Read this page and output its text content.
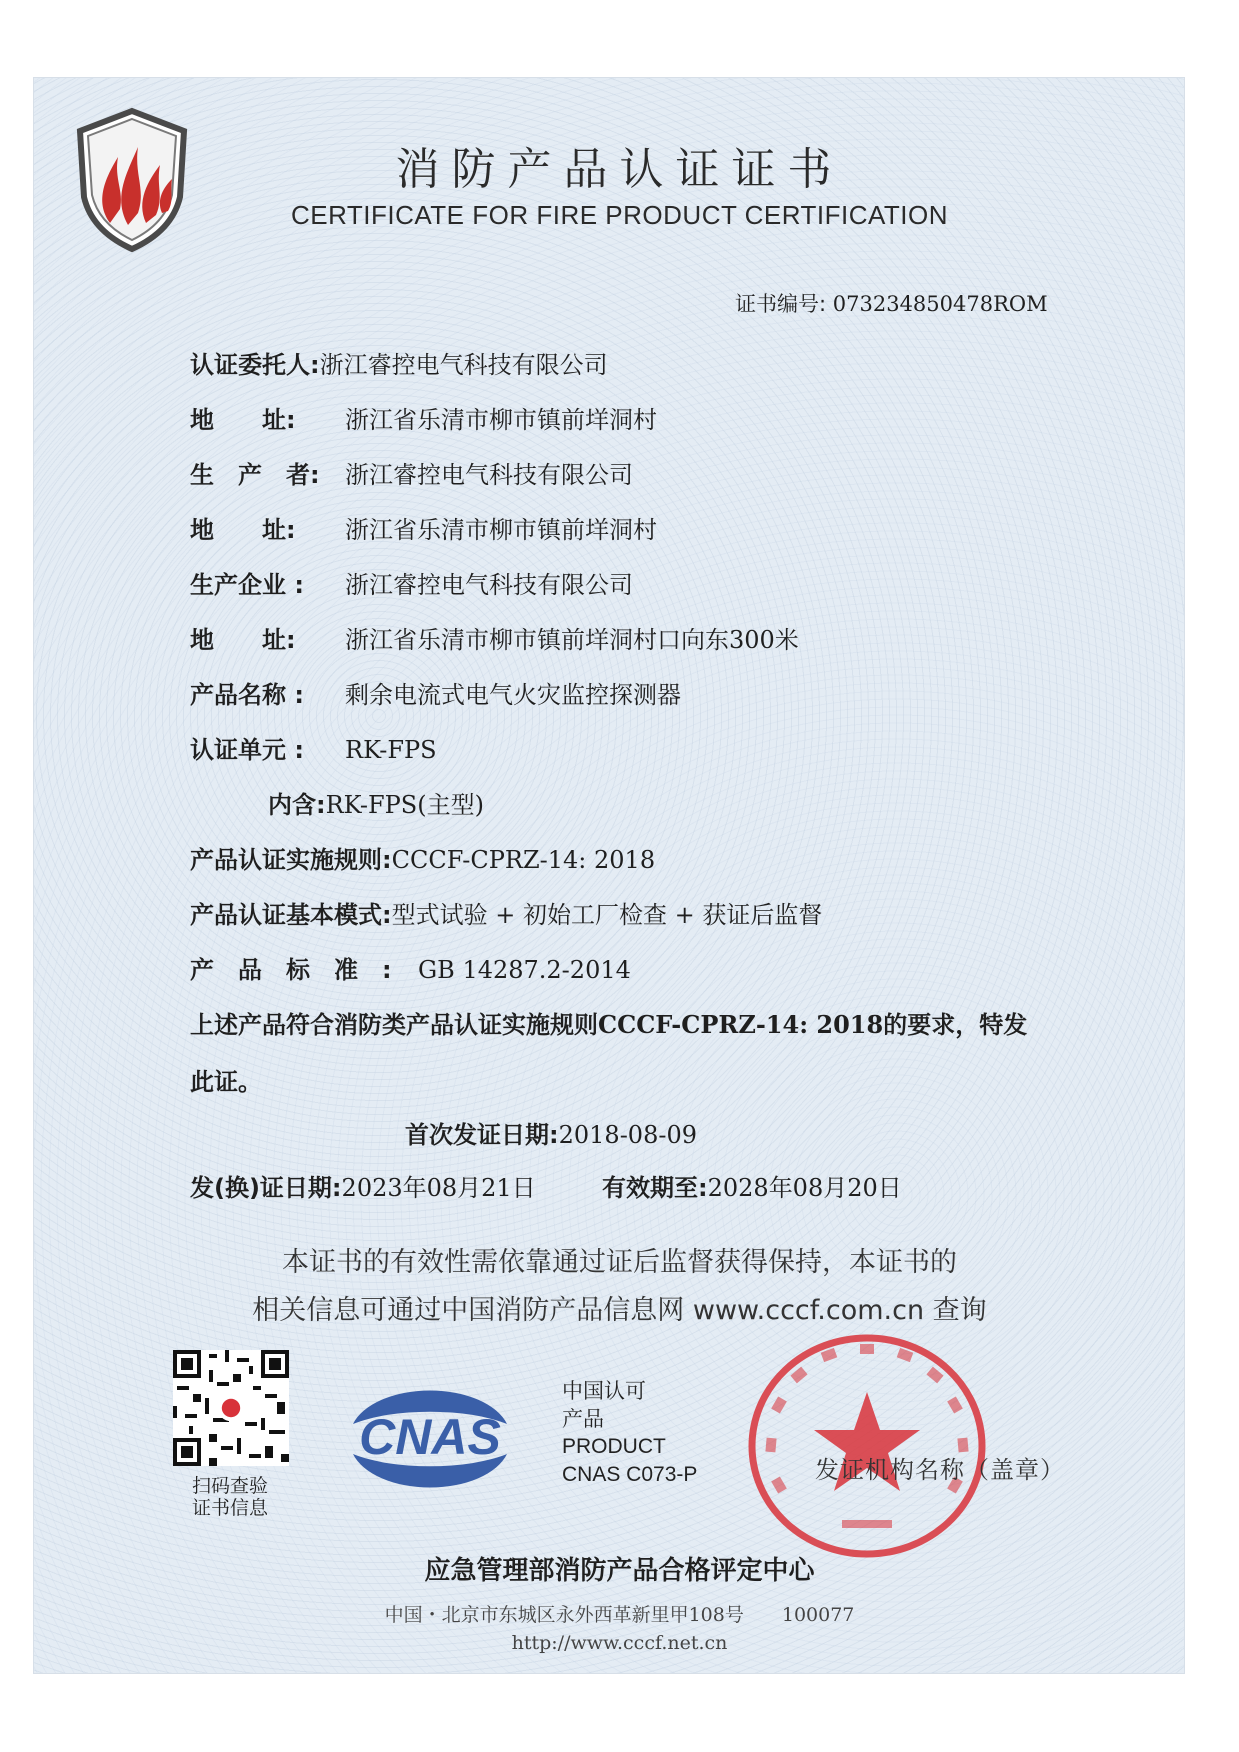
消防产品认证证书
CERTIFICATE FOR FIRE PRODUCT CERTIFICATION
证书编号: 073234850478ROM
认证委托人:浙江睿控电气科技有限公司
地　　址: 浙江省乐清市柳市镇前垟洞村
生　产　者: 浙江睿控电气科技有限公司
地　　址: 浙江省乐清市柳市镇前垟洞村
生产企业 : 浙江睿控电气科技有限公司
地　　址: 浙江省乐清市柳市镇前垟洞村口向东300米
产品名称 : 剩余电流式电气火灾监控探测器
认证单元 : RK-FPS
内含:RK-FPS(主型)
产品认证实施规则:CCCF-CPRZ-14: 2018
产品认证基本模式:型式试验 + 初始工厂检查 + 获证后监督
产　品　标　准　: GB 14287.2-2014
上述产品符合消防类产品认证实施规则CCCF-CPRZ-14: 2018的要求，特发
此证。
首次发证日期:2018-08-09
发(换)证日期:2023年08月21日	有效期至:2028年08月20日
本证书的有效性需依靠通过证后监督获得保持，本证书的
相关信息可通过中国消防产品信息网 www.cccf.com.cn 查询
扫码查验
证书信息
CNAS
中国认可
产品
PRODUCT
CNAS C073-P	发证机构名称（盖章）
应急管理部消防产品合格评定中心
中国・北京市东城区永外西革新里甲108号　　100077
http://www.cccf.net.cn
